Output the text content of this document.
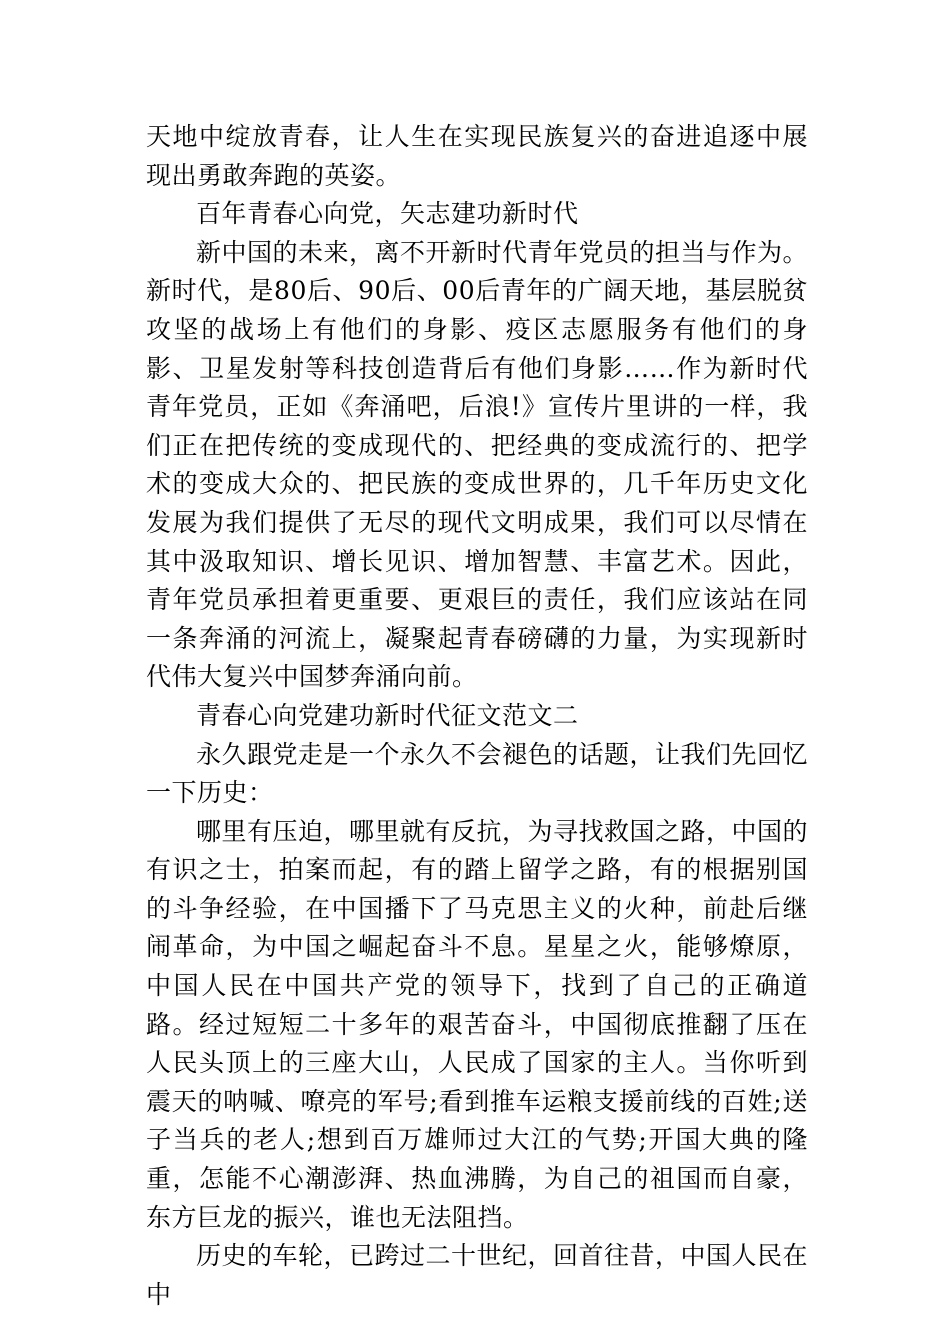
天地中绽放青春，让人生在实现民族复兴的奋进追逐中展现出勇敢奔跑的英姿。

百年青春心向党，矢志建功新时代

新中国的未来，离不开新时代青年党员的担当与作为。新时代，是80后、90后、00后青年的广阔天地，基层脱贫攻坚的战场上有他们的身影、疫区志愿服务有他们的身影、卫星发射等科技创造背后有他们身影……作为新时代青年党员，正如《奔涌吧，后浪!》宣传片里讲的一样，我们正在把传统的变成现代的、把经典的变成流行的、把学术的变成大众的、把民族的变成世界的，几千年历史文化发展为我们提供了无尽的现代文明成果，我们可以尽情在其中汲取知识、增长见识、增加智慧、丰富艺术。因此，青年党员承担着更重要、更艰巨的责任，我们应该站在同一条奔涌的河流上，凝聚起青春磅礴的力量，为实现新时代伟大复兴中国梦奔涌向前。

青春心向党建功新时代征文范文二

永久跟党走是一个永久不会褪色的话题，让我们先回忆一下历史：

哪里有压迫，哪里就有反抗，为寻找救国之路，中国的有识之士，拍案而起，有的踏上留学之路，有的根据别国的斗争经验，在中国播下了马克思主义的火种，前赴后继闹革命，为中国之崛起奋斗不息。星星之火，能够燎原，中国人民在中国共产党的领导下，找到了自己的正确道路。经过短短二十多年的艰苦奋斗，中国彻底推翻了压在人民头顶上的三座大山，人民成了国家的主人。当你听到震天的呐喊、嘹亮的军号;看到推车运粮支援前线的百姓;送子当兵的老人;想到百万雄师过大江的气势;开国大典的隆重，怎能不心潮澎湃、热血沸腾，为自己的祖国而自豪，东方巨龙的振兴，谁也无法阻挡。

历史的车轮，已跨过二十世纪，回首往昔，中国人民在中
